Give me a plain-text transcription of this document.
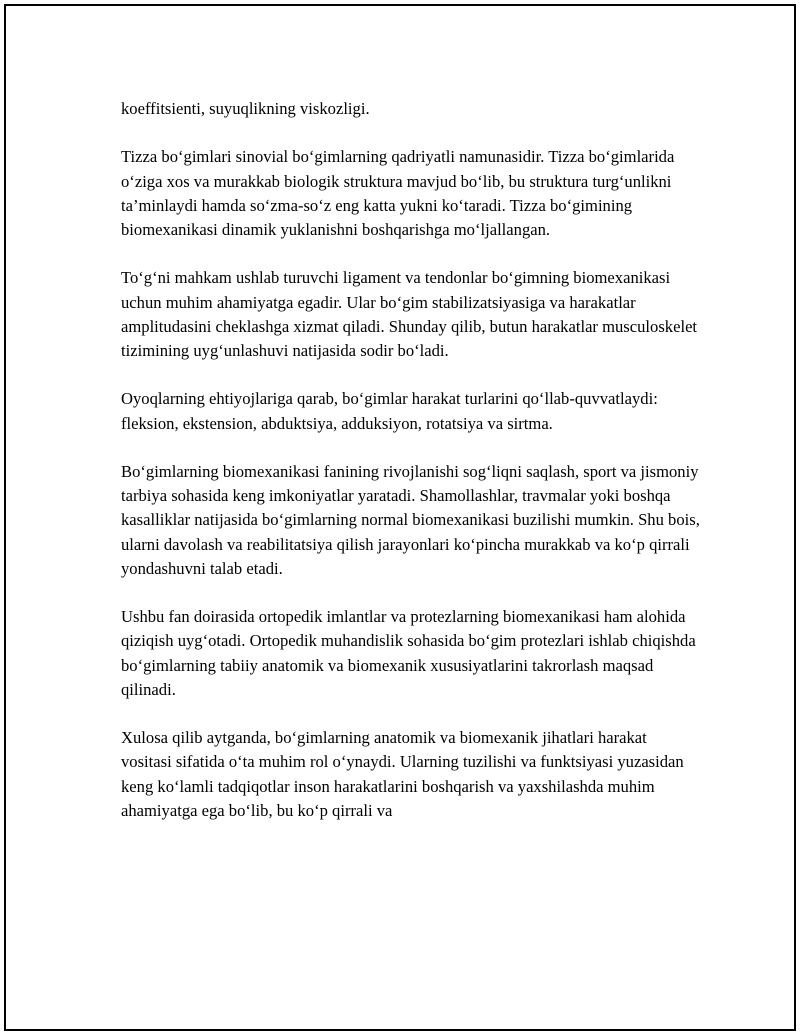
koeffitsienti, suyuqlikning viskozligi.

Tizza bo‘gimlari sinovial bo‘gimlarning qadriyatli namunasidir. Tizza bo‘gimlarida o‘ziga xos va murakkab biologik struktura mavjud bo‘lib, bu struktura turg‘unlikni ta’minlaydi hamda so‘zma-so‘z eng katta yukni ko‘taradi. Tizza bo‘gimining biomexanikasi dinamik yuklanishni boshqarishga mo‘ljallangan.

To‘g‘ni mahkam ushlab turuvchi ligament va tendonlar bo‘gimning biomexanikasi uchun muhim ahamiyatga egadir. Ular bo‘gim stabilizatsiyasiga va harakatlar amplitudasini cheklashga xizmat qiladi. Shunday qilib, butun harakatlar musculoskelet tizimining uyg‘unlashuvi natijasida sodir bo‘ladi.

Oyoqlarning ehtiyojlariga qarab, bo‘gimlar harakat turlarini qo‘llab-quvvatlaydi: fleksion, ekstension, abduktsiya, adduksiyon, rotatsiya va sirtma.

Bo‘gimlarning biomexanikasi fanining rivojlanishi sog‘liqni saqlash, sport va jismoniy tarbiya sohasida keng imkoniyatlar yaratadi. Shamollashlar, travmalar yoki boshqa kasalliklar natijasida bo‘gimlarning normal biomexanikasi buzilishi mumkin. Shu bois, ularni davolash va reabilitatsiya qilish jarayonlari ko‘pincha murakkab va ko‘p qirrali yondashuvni talab etadi.

Ushbu fan doirasida ortopedik imlantlar va protezlarning biomexanikasi ham alohida qiziqish uyg‘otadi. Ortopedik muhandislik sohasida bo‘gim protezlari ishlab chiqishda bo‘gimlarning tabiiy anatomik va biomexanik xususiyatlarini takrorlash maqsad qilinadi.

Xulosa qilib aytganda, bo‘gimlarning anatomik va biomexanik jihatlari harakat vositasi sifatida o‘ta muhim rol o‘ynaydi. Ularning tuzilishi va funktsiyasi yuzasidan keng ko‘lamli tadqiqotlar inson harakatlarini boshqarish va yaxshilashda muhim ahamiyatga ega bo‘lib, bu ko‘p qirrali va
